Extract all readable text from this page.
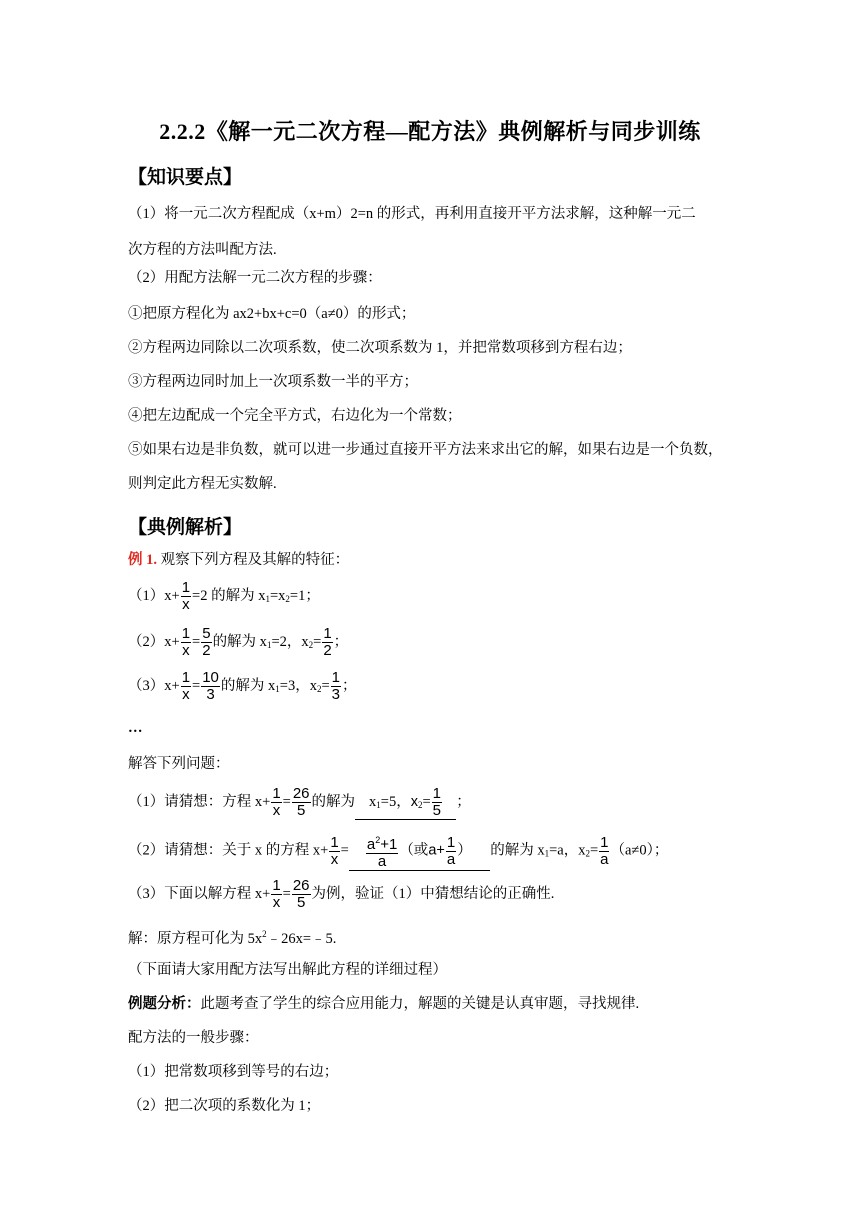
2.2.2《解一元二次方程—配方法》典例解析与同步训练
【知识要点】
（1）将一元二次方程配成（x+m）2=n 的形式，再利用直接开平方法求解，这种解一元二
次方程的方法叫配方法.
（2）用配方法解一元二次方程的步骤：
①把原方程化为 ax2+bx+c=0（a≠0）的形式；
②方程两边同除以二次项系数，使二次项系数为 1，并把常数项移到方程右边；
③方程两边同时加上一次项系数一半的平方；
④把左边配成一个完全平方式，右边化为一个常数；
⑤如果右边是非负数，就可以进一步通过直接开平方法来求出它的解，如果右边是一个负数，
则判定此方程无实数解.
【典例解析】
例 1. 观察下列方程及其解的特征：
$(1)x+ \frac{1}{x} =2$ 的解为 $x_1=x_2=1$；
$(2)x+ \frac{1}{x} = \frac{5}{2}$ 的解为 $x_1=2$，$x_2= \frac{1}{2}$ ；
$(3)x+ \frac{1}{x} = \frac{10}{3}$ 的解为 $x_1=3$，$x_2= \frac{1}{3}$ ；
…
解答下列问题：
（1）请猜想：方程 $x+ \frac{1}{x} = \frac{26}{5}$ 的解为 $x_1=5$，$x_2= \frac{1}{5}$ ；
（2）请猜想：关于 x 的方程 $x+ \frac{1}{x} = \frac{a^2+1}{a}$ （或$a+ \frac{1}{a}$ ） 的解为 $x_1=a$，$x_2= \frac{1}{a} (a\ne 0)$；
（3）下面以解方程 $x+ \frac{1}{x} = \frac{26}{5}$ 为例，验证（1）中猜想结论的正确性.
解：原方程可化为 $5x^2﹣26x=﹣5$.
（下面请大家用配方法写出解此方程的详细过程）
例题分析：此题考查了学生的综合应用能力，解题的关键是认真审题，寻找规律.
配方法的一般步骤：
（1）把常数项移到等号的右边；
（2）把二次项的系数化为 1；
